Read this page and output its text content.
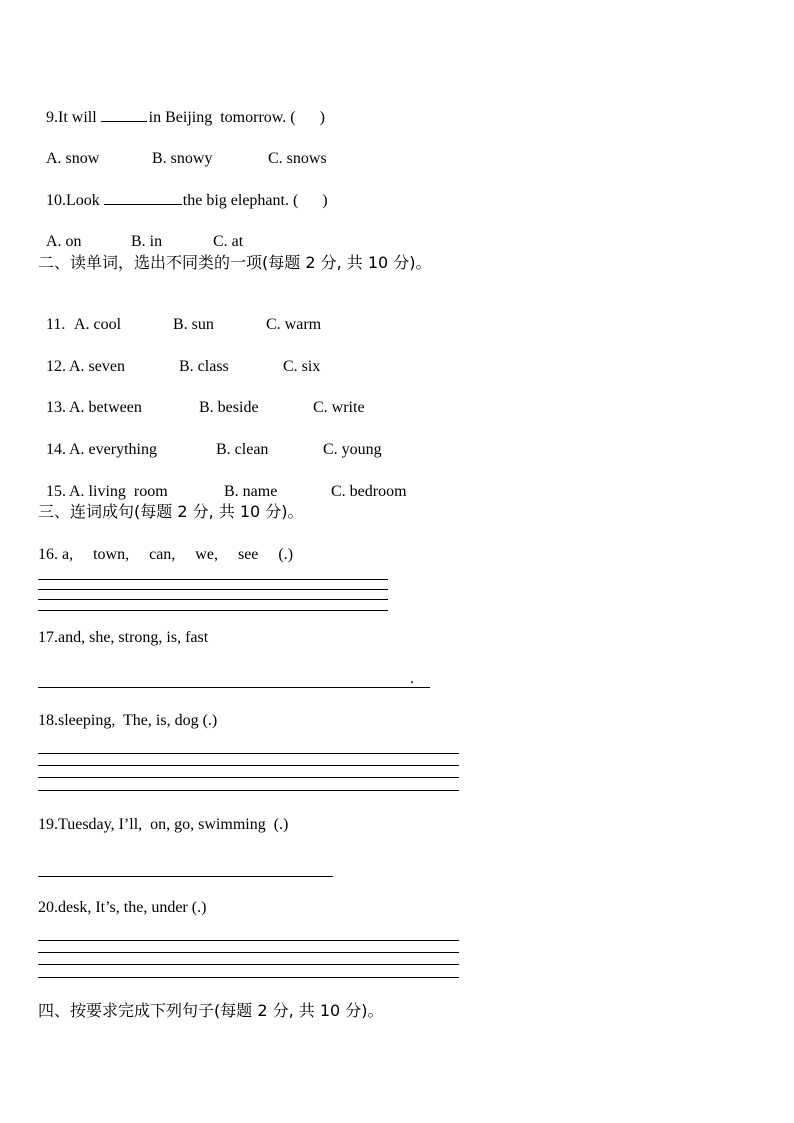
9.It will	in Beijing  tomorrow. (      )

A. snow	B. snowy	C. snows

10.Look	the big elephant. (      )

A. on	B. in	C. at

二、读单词，选出不同类的一项(每题 2 分, 共 10 分)。

11. A. cool	B. sun	C. warm

12. A. seven	B. class	C. six

13. A. between	B. beside	C. write

14. A. everything	B. clean	C. young

15. A. living  room	B. name	C. bedroom

三、连词成句(每题 2 分, 共 10 分)。
16. a,     town,     can,     we,     see     (.)
17.and, she, strong, is, fast
.
18.sleeping,  The, is, dog (.)
19.Tuesday, I’ll,  on, go, swimming  (.)
20.desk, It’s, the, under (.)
四、按要求完成下列句子(每题 2 分, 共 10 分)。
